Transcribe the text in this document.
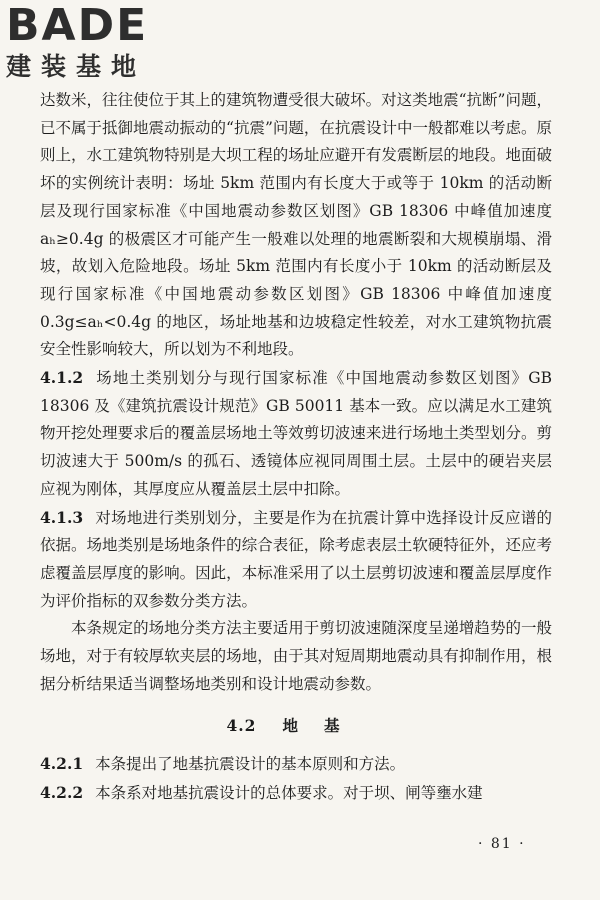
BADE
建装基地

达数米，往往使位于其上的建筑物遭受很大破坏。对这类地震“抗断”问题，已不属于抵御地震动振动的“抗震”问题，在抗震设计中一般都难以考虑。原则上，水工建筑物特别是大坝工程的场址应避开有发震断层的地段。地面破坏的实例统计表明：场址 5km 范围内有长度大于或等于 10km 的活动断层及现行国家标准《中国地震动参数区划图》GB 18306 中峰值加速度 aₕ≥0.4g 的极震区才可能产生一般难以处理的地震断裂和大规模崩塌、滑坡，故划入危险地段。场址 5km 范围内有长度小于 10km 的活动断层及现行国家标准《中国地震动参数区划图》GB 18306 中峰值加速度 0.3g≤aₕ<0.4g 的地区，场址地基和边坡稳定性较差，对水工建筑物抗震安全性影响较大，所以划为不利地段。

4.1.2 场地土类别划分与现行国家标准《中国地震动参数区划图》GB 18306 及《建筑抗震设计规范》GB 50011 基本一致。应以满足水工建筑物开挖处理要求后的覆盖层场地土等效剪切波速来进行场地土类型划分。剪切波速大于 500m/s 的孤石、透镜体应视同周围土层。土层中的硬岩夹层应视为刚体，其厚度应从覆盖层土层中扣除。

4.1.3 对场地进行类别划分，主要是作为在抗震计算中选择设计反应谱的依据。场地类别是场地条件的综合表征，除考虑表层土软硬特征外，还应考虑覆盖层厚度的影响。因此，本标准采用了以土层剪切波速和覆盖层厚度作为评价指标的双参数分类方法。

本条规定的场地分类方法主要适用于剪切波速随深度呈递增趋势的一般场地，对于有较厚软夹层的场地，由于其对短周期地震动具有抑制作用，根据分析结果适当调整场地类别和设计地震动参数。

4.2 地基

4.2.1 本条提出了地基抗震设计的基本原则和方法。

4.2.2 本条系对地基抗震设计的总体要求。对于坝、闸等壅水建

· 81 ·
